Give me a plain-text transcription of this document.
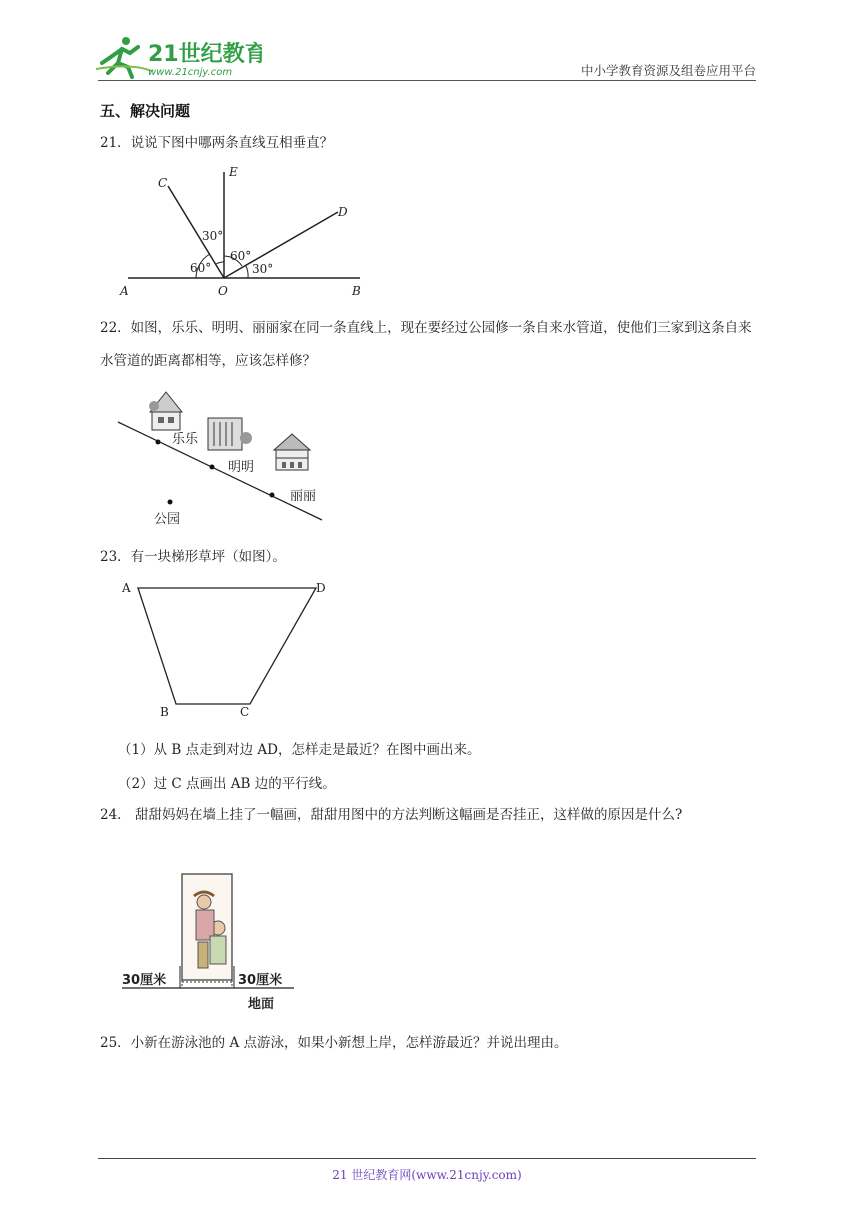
21世纪教育
www.21cnjy.com	中小学教育资源及组卷应用平台
五、解决问题
21．说说下图中哪两条直线互相垂直？
C
E
D
A	O	B
30°
60°
60°
30°
22．如图，乐乐、明明、丽丽家在同一条直线上，现在要经过公园修一条自来水管道，使他们三家到这条自来水管道的距离都相等，应该怎样修？
乐乐
明明
丽丽
公园
23．有一块梯形草坪（如图）。
A	D
B	C
（1）从 B 点走到对边 AD，怎样走是最近？在图中画出来。
（2）过 C 点画出 AB 边的平行线。
24． 甜甜妈妈在墙上挂了一幅画，甜甜用图中的方法判断这幅画是否挂正，这样做的原因是什么?
30厘米	30厘米
地面
25．小新在游泳池的 A 点游泳，如果小新想上岸，怎样游最近？并说出理由。
21 世纪教育网(www.21cnjy.com)
